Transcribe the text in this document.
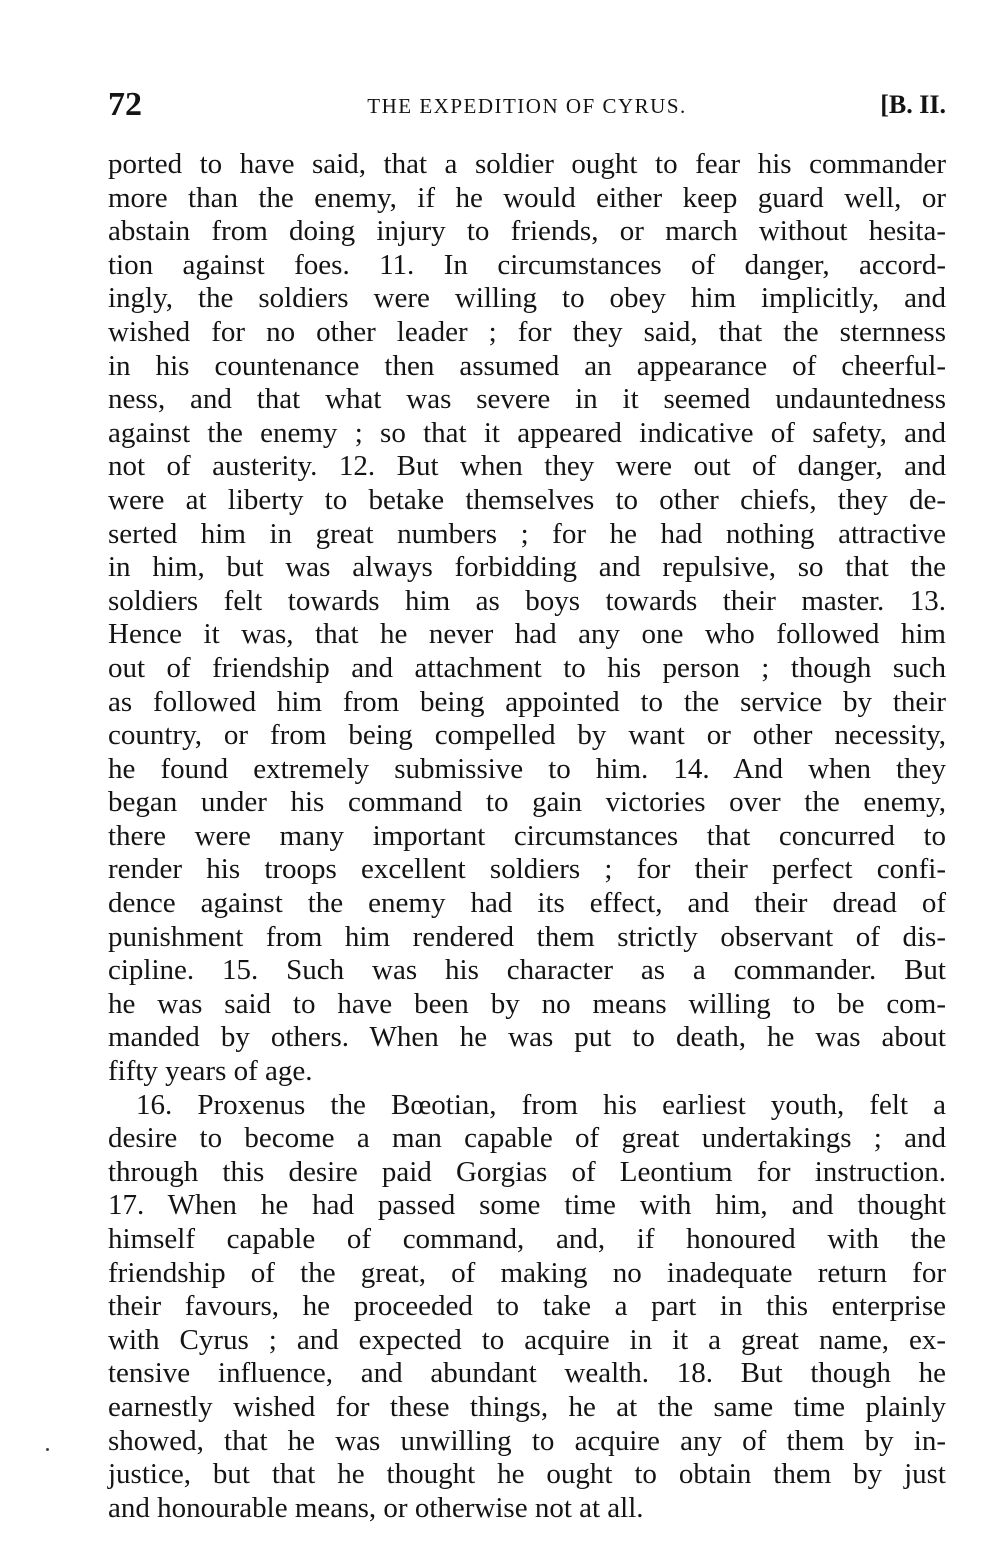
72	THE EXPEDITION OF CYRUS.	[B. II.
ported to have said, that a soldier ought to fear his commander
more than the enemy, if he would either keep guard well, or
abstain from doing injury to friends, or march without hesita-
tion against foes. 11. In circumstances of danger, accord-
ingly, the soldiers were willing to obey him implicitly, and
wished for no other leader ; for they said, that the sternness
in his countenance then assumed an appearance of cheerful-
ness, and that what was severe in it seemed undauntedness
against the enemy ; so that it appeared indicative of safety, and
not of austerity. 12. But when they were out of danger, and
were at liberty to betake themselves to other chiefs, they de-
serted him in great numbers ; for he had nothing attractive
in him, but was always forbidding and repulsive, so that the
soldiers felt towards him as boys towards their master. 13.
Hence it was, that he never had any one who followed him
out of friendship and attachment to his person ; though such
as followed him from being appointed to the service by their
country, or from being compelled by want or other necessity,
he found extremely submissive to him. 14. And when they
began under his command to gain victories over the enemy,
there were many important circumstances that concurred to
render his troops excellent soldiers ; for their perfect confi-
dence against the enemy had its effect, and their dread of
punishment from him rendered them strictly observant of dis-
cipline. 15. Such was his character as a commander. But
he was said to have been by no means willing to be com-
manded by others. When he was put to death, he was about
fifty years of age.
16. Proxenus the Bœotian, from his earliest youth, felt a
desire to become a man capable of great undertakings ; and
through this desire paid Gorgias of Leontium for instruction.
17. When he had passed some time with him, and thought
himself capable of command, and, if honoured with the
friendship of the great, of making no inadequate return for
their favours, he proceeded to take a part in this enterprise
with Cyrus ; and expected to acquire in it a great name, ex-
tensive influence, and abundant wealth. 18. But though he
earnestly wished for these things, he at the same time plainly
showed, that he was unwilling to acquire any of them by in-
justice, but that he thought he ought to obtain them by just
and honourable means, or otherwise not at all.
